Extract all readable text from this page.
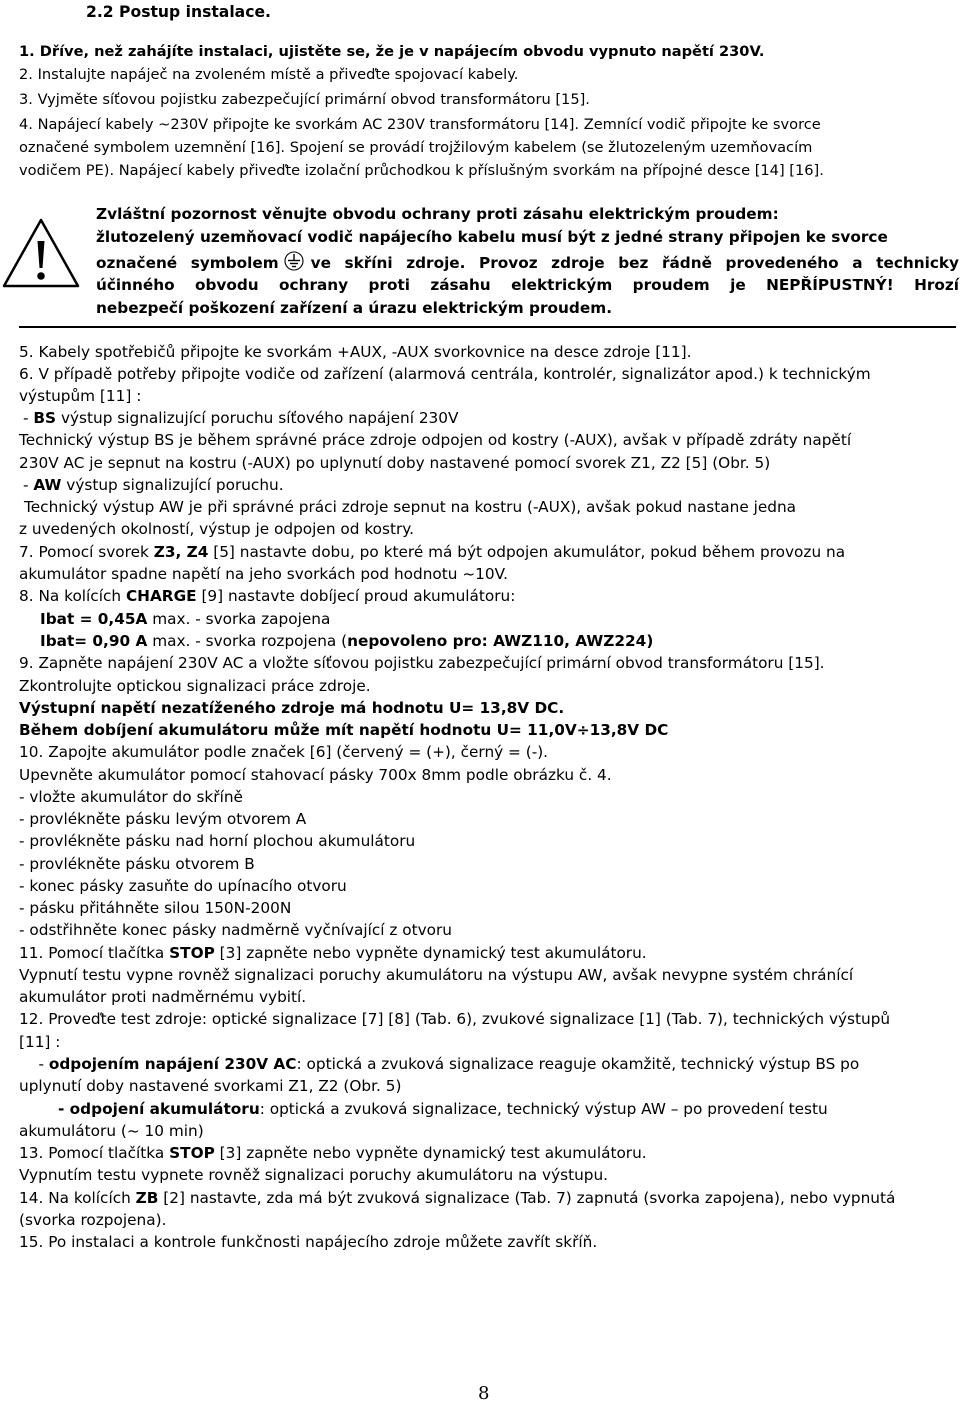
2.2 Postup instalace.
1. Dříve, než zahájíte instalaci, ujistěte se, že je v napájecím obvodu vypnuto napětí 230V.
2. Instalujte napáječ na zvoleném místě a přiveďte spojovací kabely.
3. Vyjměte síťovou pojistku zabezpečující primární obvod transformátoru [15].
4. Napájecí kabely ~230V připojte ke svorkám AC 230V transformátoru [14]. Zemnící vodič připojte ke svorce
označené symbolem uzemnění [16]. Spojení se provádí trojžilovým kabelem (se žlutozeleným uzemňovacím
vodičem PE). Napájecí kabely přiveďte izolační průchodkou k příslušným svorkám na přípojné desce [14] [16].
Zvláštní pozornost věnujte obvodu ochrany proti zásahu elektrickým proudem:
žlutozelený uzemňovací vodič napájecího kabelu musí být z jedné strany připojen ke svorce
označené symbolem ve skříni zdroje. Provoz zdroje bez řádně provedeného a technicky
účinného obvodu ochrany proti zásahu elektrickým proudem je NEPŘÍPUSTNÝ! Hrozí
nebezpečí poškození zařízení a úrazu elektrickým proudem.
5. Kabely spotřebičů připojte ke svorkám +AUX, -AUX svorkovnice na desce zdroje [11].
6. V případě potřeby připojte vodiče od zařízení (alarmová centrála, kontrolér, signalizátor apod.) k technickým
výstupům [11] :
- BS výstup signalizující poruchu síťového napájení 230V
Technický výstup BS je během správné práce zdroje odpojen od kostry (-AUX), avšak v případě zdráty napětí
230V AC je sepnut na kostru (-AUX) po uplynutí doby nastavené pomocí svorek Z1, Z2 [5] (Obr. 5)
- AW výstup signalizující poruchu.
Technický výstup AW je při správné práci zdroje sepnut na kostru (-AUX), avšak pokud nastane jedna
z uvedených okolností, výstup je odpojen od kostry.
7. Pomocí svorek Z3, Z4 [5] nastavte dobu, po které má být odpojen akumulátor, pokud během provozu na
akumulátor spadne napětí na jeho svorkách pod hodnotu ~10V.
8. Na kolících CHARGE [9] nastavte dobíjecí proud akumulátoru:
Ibat = 0,45A max. - svorka zapojena
Ibat= 0,90 A max. - svorka rozpojena (nepovoleno pro: AWZ110, AWZ224)
9. Zapněte napájení 230V AC a vložte síťovou pojistku zabezpečující primární obvod transformátoru [15].
Zkontrolujte optickou signalizaci práce zdroje.
Výstupní napětí nezatíženého zdroje má hodnotu U= 13,8V DC.
Během dobíjení akumulátoru může mít napětí hodnotu U= 11,0V÷13,8V DC
10. Zapojte akumulátor podle značek [6] (červený = (+), černý = (-).
Upevněte akumulátor pomocí stahovací pásky 700x 8mm podle obrázku č. 4.
- vložte akumulátor do skříně
- provlékněte pásku levým otvorem A
- provlékněte pásku nad horní plochou akumulátoru
- provlékněte pásku otvorem B
- konec pásky zasuňte do upínacího otvoru
- pásku přitáhněte silou 150N-200N
- odstřihněte konec pásky nadměrně vyčnívající z otvoru
11. Pomocí tlačítka STOP [3] zapněte nebo vypněte dynamický test akumulátoru.
Vypnutí testu vypne rovněž signalizaci poruchy akumulátoru na výstupu AW, avšak nevypne systém chránící
akumulátor proti nadměrnému vybití.
12. Proveďte test zdroje: optické signalizace [7] [8] (Tab. 6), zvukové signalizace [1] (Tab. 7), technických výstupů
[11] :
- odpojením napájení 230V AC: optická a zvuková signalizace reaguje okamžitě, technický výstup BS po
uplynutí doby nastavené svorkami Z1, Z2 (Obr. 5)
- odpojení akumulátoru: optická a zvuková signalizace, technický výstup AW – po provedení testu
akumulátoru (~ 10 min)
13. Pomocí tlačítka STOP [3] zapněte nebo vypněte dynamický test akumulátoru.
Vypnutím testu vypnete rovněž signalizaci poruchy akumulátoru na výstupu.
14. Na kolících ZB [2] nastavte, zda má být zvuková signalizace (Tab. 7) zapnutá (svorka zapojena), nebo vypnutá
(svorka rozpojena).
15. Po instalaci a kontrole funkčnosti napájecího zdroje můžete zavřít skříň.
8
